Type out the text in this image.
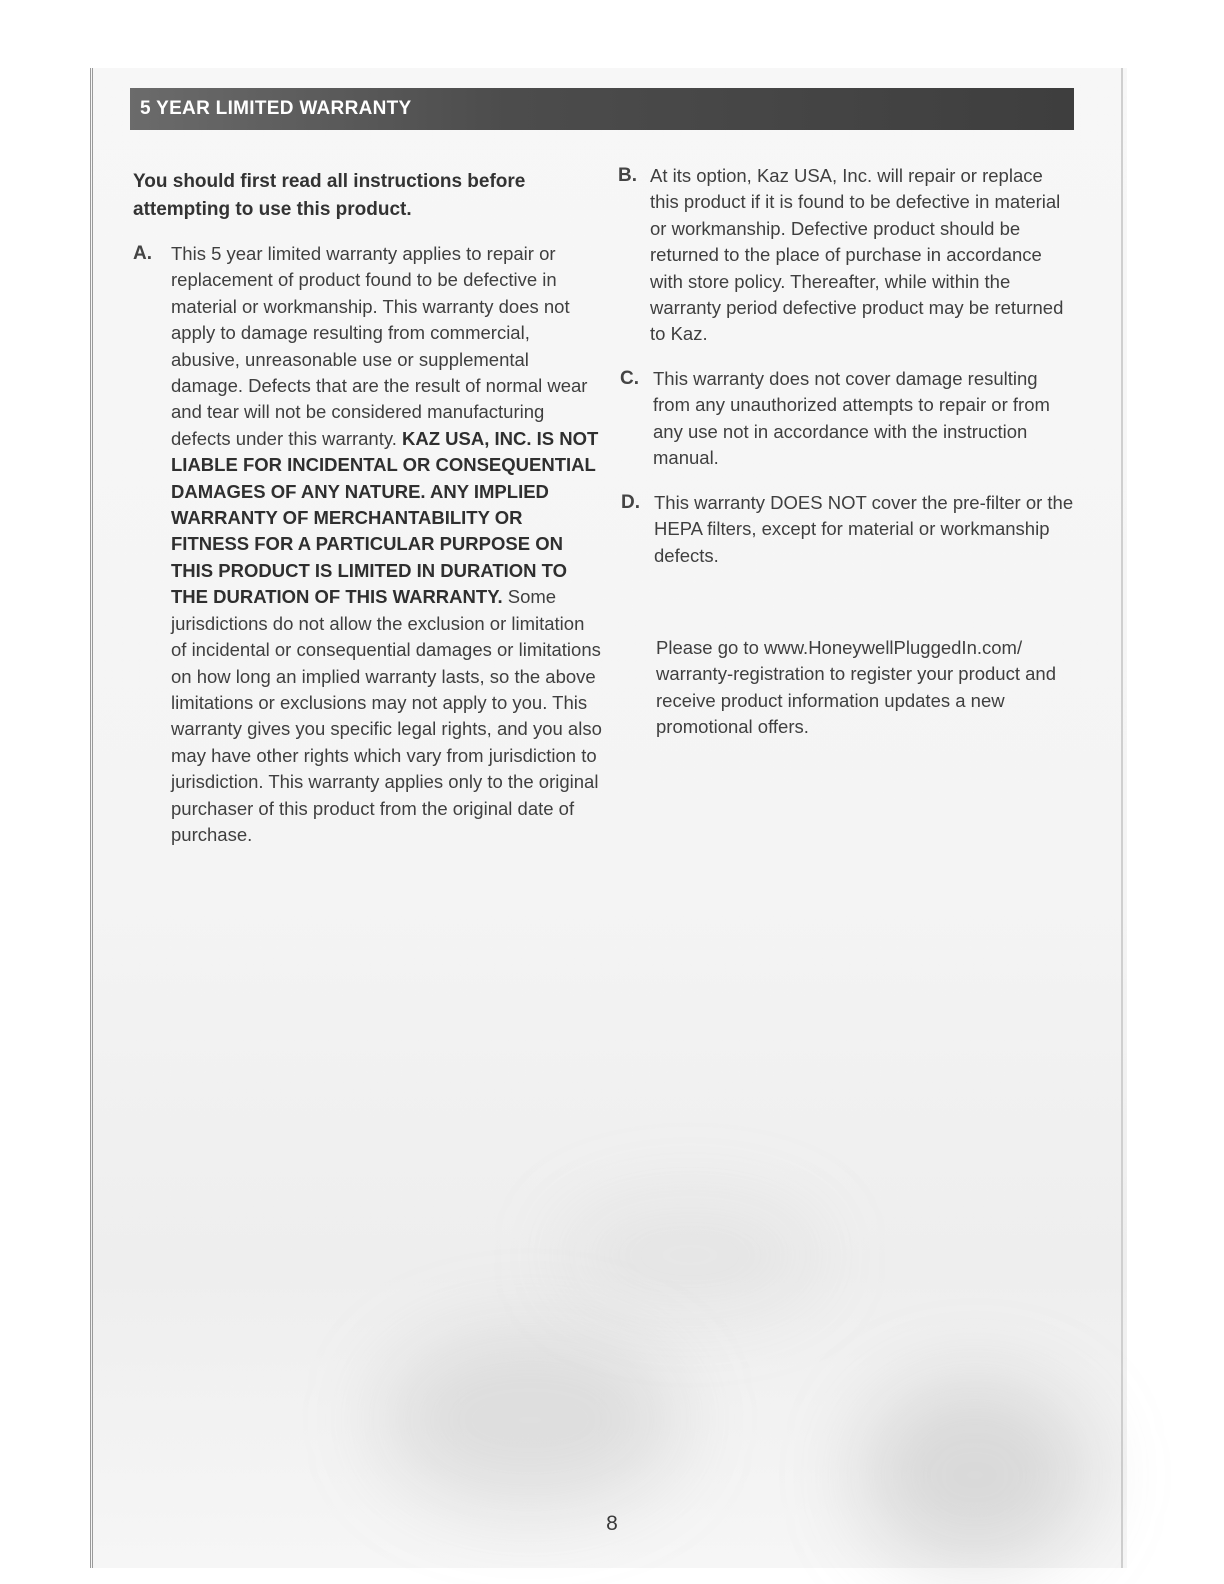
5 YEAR LIMITED WARRANTY
You should first read all instructions before attempting to use this product.
A. This 5 year limited warranty applies to repair or replacement of product found to be defective in material or workmanship. This warranty does not apply to damage resulting from commercial, abusive, unreasonable use or supplemental damage. Defects that are the result of normal wear and tear will not be considered manufacturing defects under this warranty. KAZ USA, INC. IS NOT LIABLE FOR INCIDENTAL OR CONSEQUENTIAL DAMAGES OF ANY NATURE. ANY IMPLIED WARRANTY OF MERCHANTABILITY OR FITNESS FOR A PARTICULAR PURPOSE ON THIS PRODUCT IS LIMITED IN DURATION TO THE DURATION OF THIS WARRANTY. Some jurisdictions do not allow the exclusion or limitation of incidental or consequential damages or limitations on how long an implied warranty lasts, so the above limitations or exclusions may not apply to you. This warranty gives you specific legal rights, and you also may have other rights which vary from jurisdiction to jurisdiction. This warranty applies only to the original purchaser of this product from the original date of purchase.
B. At its option, Kaz USA, Inc. will repair or replace this product if it is found to be defective in material or workmanship. Defective product should be returned to the place of purchase in accordance with store policy. Thereafter, while within the warranty period defective product may be returned to Kaz.
C. This warranty does not cover damage resulting from any unauthorized attempts to repair or from any use not in accordance with the instruction manual.
D. This warranty DOES NOT cover the pre-filter or the HEPA filters, except for material or workmanship defects.
Please go to www.HoneywellPluggedIn.com/ warranty-registration to register your product and receive product information updates a new promotional offers.
8
